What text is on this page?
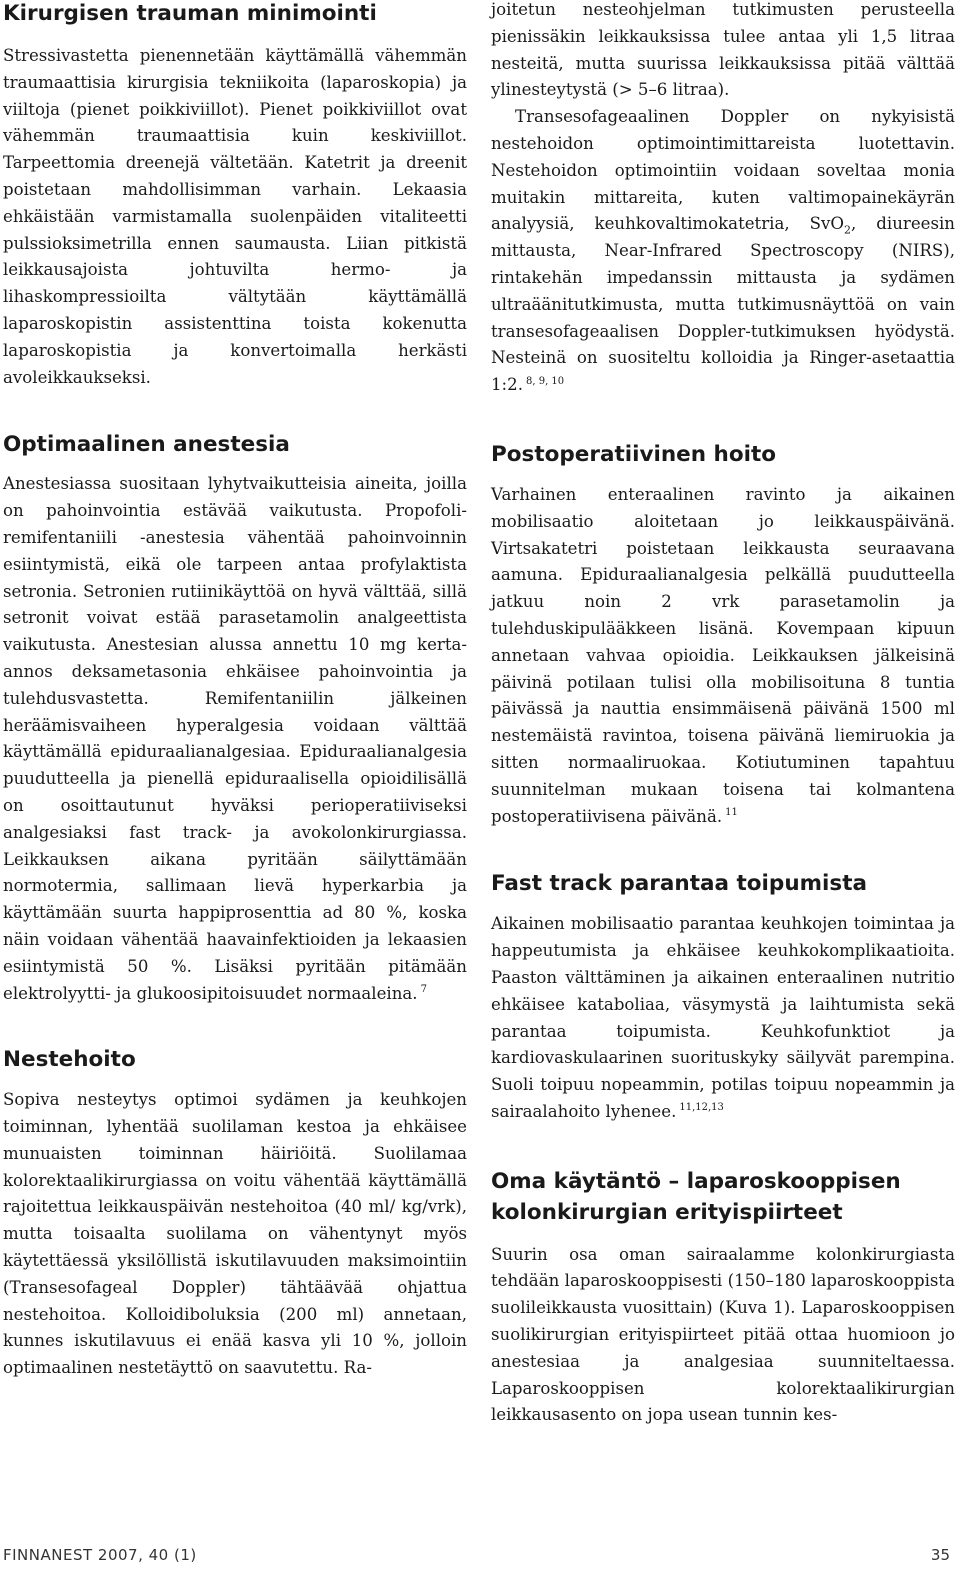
Kirurgisen trauman minimointi

Stressivastetta pienennetään käyttämällä vähemmän traumaattisia kirurgisia tekniikoita (laparoskopia) ja viiltoja (pienet poikkiviillot). Pienet poikkiviillot ovat vähemmän traumaattisia kuin keskiviillot. Tarpeettomia dreenejä vältetään. Katetrit ja dreenit poistetaan mahdollisimman varhain. Lekaasia ehkäistään varmistamalla suolenpäiden vitaliteetti pulssioksimetrilla ennen saumausta. Liian pitkistä leikkausajoista johtuvilta hermo- ja lihaskompressioilta vältytään käyttämällä laparoskopistin assistenttina toista kokenutta laparoskopistia ja konvertoimalla herkästi avoleikkaukseksi.

Optimaalinen anestesia

Anestesiassa suositaan lyhytvaikutteisia aineita, joilla on pahoinvointia estävää vaikutusta. Propofoli-remifentaniili -anestesia vähentää pahoinvoinnin esiintymistä, eikä ole tarpeen antaa profylaktista setronia. Setronien rutiinikäyttöä on hyvä välttää, sillä setronit voivat estää parasetamolin analgeettista vaikutusta. Anestesian alussa annettu 10 mg kerta-annos deksametasonia ehkäisee pahoinvointia ja tulehdusvastetta. Remifentaniilin jälkeinen heräämisvaiheen hyperalgesia voidaan välttää käyttämällä epiduraalianalgesiaa. Epiduraalianalgesia puudutteella ja pienellä epiduraalisella opioidilisällä on osoittautunut hyväksi perioperatiiviseksi analgesiaksi fast track- ja avokolonkirurgiassa. Leikkauksen aikana pyritään säilyttämään normotermia, sallimaan lievä hyperkarbia ja käyttämään suurta happiprosenttia ad 80 %, koska näin voidaan vähentää haavainfektioiden ja lekaasien esiintymistä 50 %. Lisäksi pyritään pitämään elektrolyytti- ja glukoosipitoisuudet normaaleina. $^7$

Nestehoito

Sopiva nesteytys optimoi sydämen ja keuhkojen toiminnan, lyhentää suolilaman kestoa ja ehkäisee munuaisten toiminnan häiriöitä. Suolilamaa kolorektaalikirurgiassa on voitu vähentää käyttämällä rajoitettua leikkauspäivän nestehoitoa (40 ml/ kg/vrk), mutta toisaalta suolilama on vähentynyt myös käytettäessä yksilöllistä iskutilavuuden maksimointiin (Transesofageal Doppler) tähtäävää ohjattua nestehoitoa. Kolloidiboluksia (200 ml) annetaan, kunnes iskutilavuus ei enää kasva yli 10 %, jolloin optimaalinen nestetäyttö on saavutettu. Ra-

joitetun nesteohjelman tutkimusten perusteella pienissäkin leikkauksissa tulee antaa yli 1,5 litraa nesteitä, mutta suurissa leikkauksissa pitää välttää ylinesteytystä (> 5–6 litraa).

Transesofageaalinen Doppler on nykyisistä nestehoidon optimointimittareista luotettavin. Nestehoidon optimointiin voidaan soveltaa monia muitakin mittareita, kuten valtimopainekäyrän analyysiä, keuhkovaltimokatetria, SvO$_2$, diureesin mittausta, Near-Infrared Spectroscopy (NIRS), rintakehän impedanssin mittausta ja sydämen ultraäänitutkimusta, mutta tutkimusnäyttöä on vain transesofageaalisen Doppler-tutkimuksen hyödystä. Nesteinä on suositeltu kolloidia ja Ringer-asetaattia 1:2. $^{8, 9, 10}$

Postoperatiivinen hoito

Varhainen enteraalinen ravinto ja aikainen mobilisaatio aloitetaan jo leikkauspäivänä. Virtsakatetri poistetaan leikkausta seuraavana aamuna. Epiduraalianalgesia pelkällä puudutteella jatkuu noin 2 vrk parasetamolin ja tulehduskipulääkkeen lisänä. Kovempaan kipuun annetaan vahvaa opioidia. Leikkauksen jälkeisinä päivinä potilaan tulisi olla mobilisoituna 8 tuntia päivässä ja nauttia ensimmäisenä päivänä 1500 ml nestemäistä ravintoa, toisena päivänä liemiruokia ja sitten normaaliruokaa. Kotiutuminen tapahtuu suunnitelman mukaan toisena tai kolmantena postoperatiivisena päivänä. $^{11}$

Fast track parantaa toipumista

Aikainen mobilisaatio parantaa keuhkojen toimintaa ja happeutumista ja ehkäisee keuhkokomplikaatioita. Paaston välttäminen ja aikainen enteraalinen nutritio ehkäisee kataboliaa, väsymystä ja laihtumista sekä parantaa toipumista. Keuhkofunktiot ja kardiovaskulaarinen suorituskyky säilyvät parempina. Suoli toipuu nopeammin, potilas toipuu nopeammin ja sairaalahoito lyhenee. $^{11,12,13}$

Oma käytäntö – laparoskooppisen kolonkirurgian erityispiirteet

Suurin osa oman sairaalamme kolonkirurgiasta tehdään laparoskooppisesti (150–180 laparoskooppista suolileikkausta vuosittain) (Kuva 1). Laparoskooppisen suolikirurgian erityispiirteet pitää ottaa huomioon jo anestesiaa ja analgesiaa suunniteltaessa. Laparoskooppisen kolorektaalikirurgian leikkausasento on jopa usean tunnin kes-

FINNANEST 2007, 40 (1)	35
